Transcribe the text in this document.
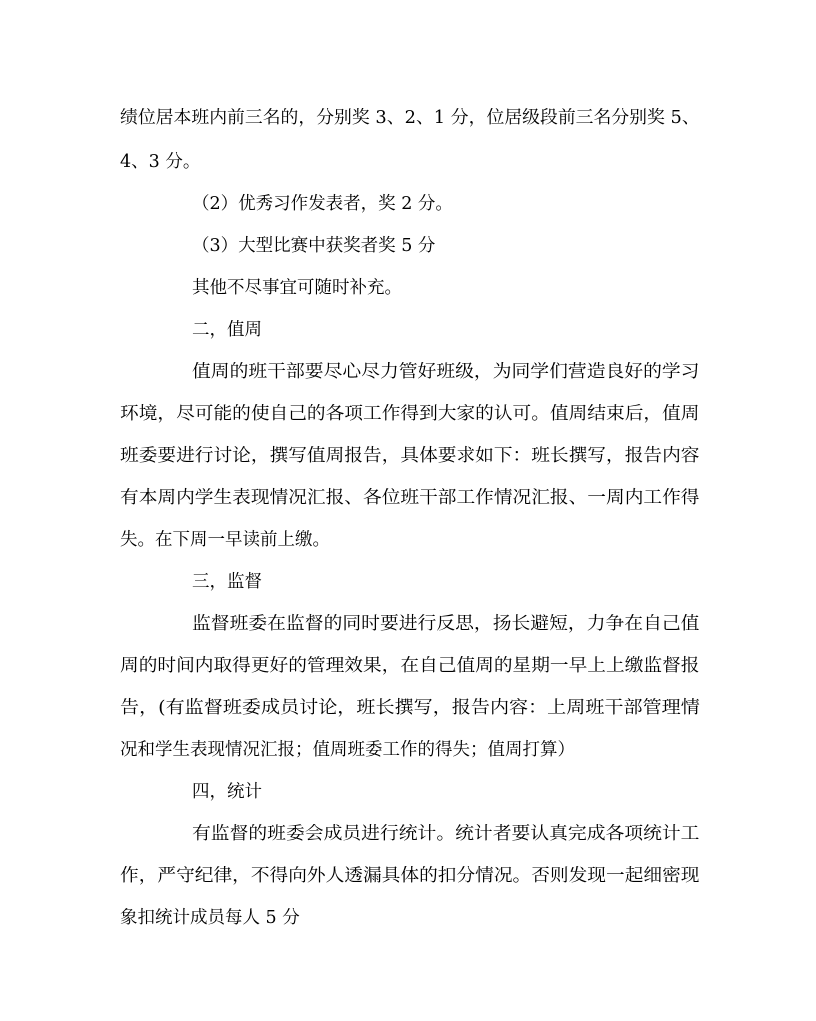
绩位居本班内前三名的，分别奖 3、2、1 分，位居级段前三名分别奖 5、
4、3 分。
（2）优秀习作发表者，奖 2 分。
（3）大型比赛中获奖者奖 5 分
其他不尽事宜可随时补充。
二，值周
值周的班干部要尽心尽力管好班级，为同学们营造良好的学习
环境，尽可能的使自己的各项工作得到大家的认可。值周结束后，值周
班委要进行讨论，撰写值周报告，具体要求如下：班长撰写，报告内容
有本周内学生表现情况汇报、各位班干部工作情况汇报、一周内工作得
失。在下周一早读前上缴。
三，监督
监督班委在监督的同时要进行反思，扬长避短，力争在自己值
周的时间内取得更好的管理效果，在自己值周的星期一早上上缴监督报
告，(有监督班委成员讨论，班长撰写，报告内容：上周班干部管理情
况和学生表现情况汇报；值周班委工作的得失；值周打算）
四，统计
有监督的班委会成员进行统计。统计者要认真完成各项统计工
作，严守纪律，不得向外人透漏具体的扣分情况。否则发现一起细密现
象扣统计成员每人 5 分
